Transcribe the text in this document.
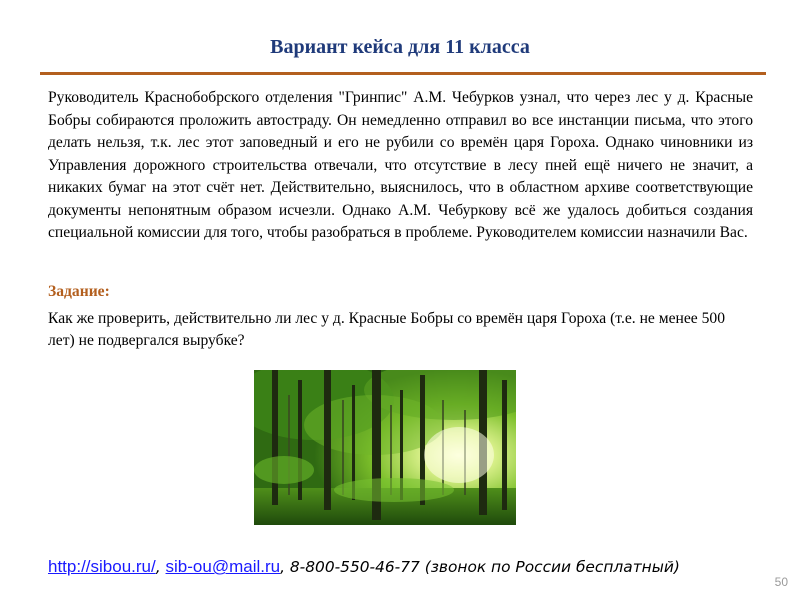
Вариант кейса для 11 класса

Руководитель Краснобобрского отделения "Гринпис" А.М. Чебурков узнал, что через лес у д. Красные Бобры собираются проложить автостраду. Он немедленно отправил во все инстанции письма, что этого делать нельзя, т.к. лес этот заповедный и его не рубили со времён царя Гороха. Однако чиновники из Управления дорожного строительства отвечали, что отсутствие в лесу пней ещё ничего не значит, а никаких бумаг на этот счёт нет. Действительно, выяснилось, что в областном архиве соответствующие документы непонятным образом исчезли. Однако А.М. Чебуркову всё же удалось добиться создания специальной комиссии для того, чтобы разобраться в проблеме. Руководителем комиссии назначили Вас.

Задание:

Как же проверить, действительно ли лес у д. Красные Бобры со времён царя Гороха (т.е. не менее 500 лет) не подвергался вырубке?

http://sibou.ru/, sib-ou@mail.ru, 8-800-550-46-77 (звонок по России бесплатный)
50
